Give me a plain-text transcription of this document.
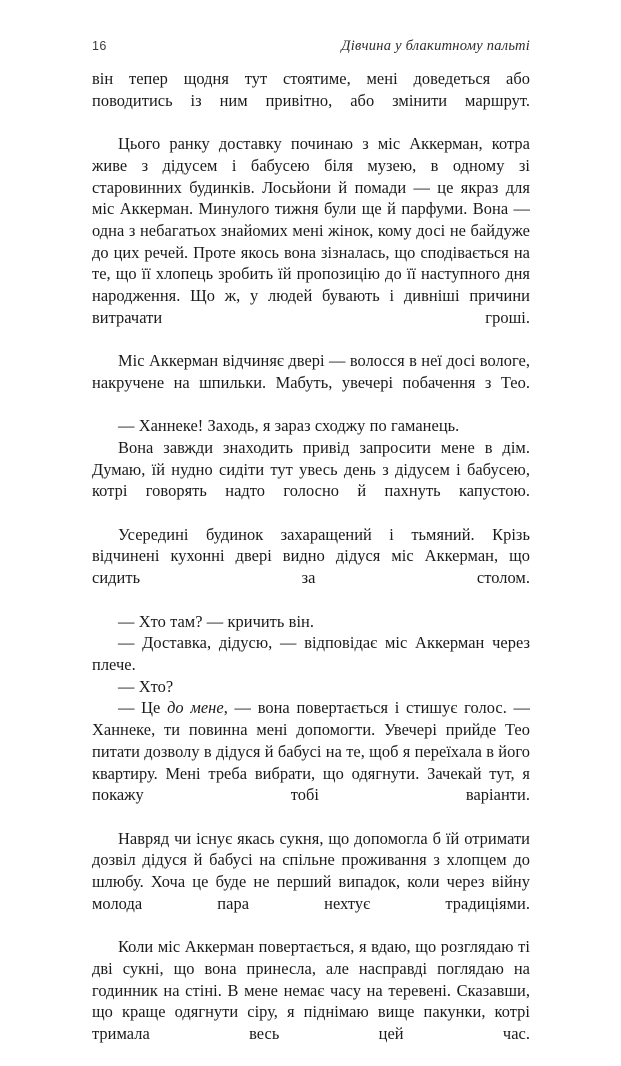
16	Дівчина у блакитному пальті

він тепер щодня тут стоятиме, мені доведеться або поводитись із ним привітно, або змінити маршрут.

Цього ранку доставку починаю з міс Аккерман, котра живе з дідусем і бабусею біля музею, в одному зі старовинних будинків. Лосьйони й помади — це якраз для міс Аккерман. Минулого тижня були ще й парфуми. Вона — одна з небагатьох знайомих мені жінок, кому досі не байдуже до цих речей. Проте якось вона зізналась, що сподівається на те, що її хлопець зробить їй пропозицію до її наступного дня народження. Що ж, у людей бувають і дивніші причини витрачати гроші.

Міс Аккерман відчиняє двері — волосся в неї досі вологе, накручене на шпильки. Мабуть, увечері побачення з Тео.

— Ханнеке! Заходь, я зараз сходжу по гаманець.

Вона завжди знаходить привід запросити мене в дім. Думаю, їй нудно сидіти тут увесь день з дідусем і бабусею, котрі говорять надто голосно й пахнуть капустою.

Усередині будинок захаращений і тьмяний. Крізь відчинені кухонні двері видно дідуся міс Аккерман, що сидить за столом.

— Хто там? — кричить він.

— Доставка, дідусю, — відповідає міс Аккерман через плече.

— Хто?

— Це до мене, — вона повертається і стишує голос. — Ханнеке, ти повинна мені допомогти. Увечері прийде Тео питати дозволу в дідуся й бабусі на те, щоб я переїхала в його квартиру. Мені треба вибрати, що одягнути. Зачекай тут, я покажу тобі варіанти.

Навряд чи існує якась сукня, що допомогла б їй отримати дозвіл дідуся й бабусі на спільне проживання з хлопцем до шлюбу. Хоча це буде не перший випадок, коли через війну молода пара нехтує традиціями.

Коли міс Аккерман повертається, я вдаю, що розглядаю ті дві сукні, що вона принесла, але насправді поглядаю на годинник на стіні. В мене немає часу на теревені. Сказавши, що краще одягнути сіру, я піднімаю вище пакунки, котрі тримала весь цей час.
